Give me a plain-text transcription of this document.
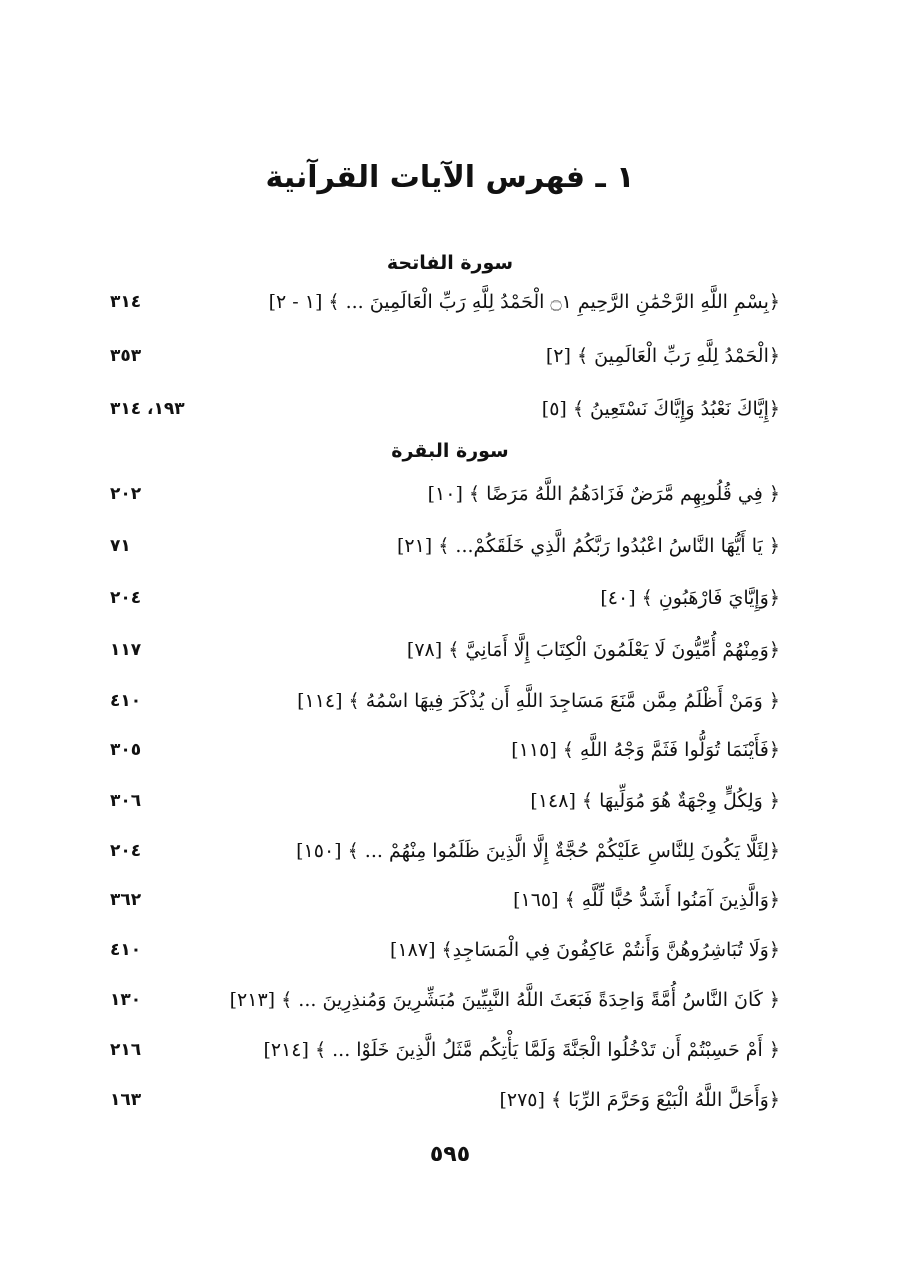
١ ـ فهرس الآيات القرآنية
سورة الفاتحة
﴿بِسْمِ اللَّهِ الرَّحْمَٰنِ الرَّحِيمِ ۝١ الْحَمْدُ لِلَّهِ رَبِّ الْعَالَمِينَ ... ﴾ [١ - ٢]
٣١٤
﴿الْحَمْدُ لِلَّهِ رَبِّ الْعَالَمِينَ ﴾ [٢]
٣٥٣
﴿إِيَّاكَ نَعْبُدُ وَإِيَّاكَ نَسْتَعِينُ ﴾ [٥]
١٩٣، ٣١٤
سورة البقرة
﴿ فِي قُلُوبِهِم مَّرَضٌ فَزَادَهُمُ اللَّهُ مَرَضًا ﴾ [١٠]
٢٠٢
﴿ يَا أَيُّهَا النَّاسُ اعْبُدُوا رَبَّكُمُ الَّذِي خَلَقَكُمْ... ﴾ [٢١]
٧١
﴿وَإِيَّايَ فَارْهَبُونِ ﴾ [٤٠]
٢٠٤
﴿وَمِنْهُمْ أُمِّيُّونَ لَا يَعْلَمُونَ الْكِتَابَ إِلَّا أَمَانِيَّ ﴾ [٧٨]
١١٧
﴿ وَمَنْ أَظْلَمُ مِمَّن مَّنَعَ مَسَاجِدَ اللَّهِ أَن يُذْكَرَ فِيهَا اسْمُهُ ﴾ [١١٤]
٤١٠
﴿فَأَيْنَمَا تُوَلُّوا فَثَمَّ وَجْهُ اللَّهِ ﴾ [١١٥]
٣٠٥
﴿ وَلِكُلٍّ وِجْهَةٌ هُوَ مُوَلِّيهَا ﴾ [١٤٨]
٣٠٦
﴿لِئَلَّا يَكُونَ لِلنَّاسِ عَلَيْكُمْ حُجَّةٌ إِلَّا الَّذِينَ ظَلَمُوا مِنْهُمْ ... ﴾ [١٥٠]
٢٠٤
﴿وَالَّذِينَ آمَنُوا أَشَدُّ حُبًّا لِّلَّهِ ﴾ [١٦٥]
٣٦٢
﴿وَلَا تُبَاشِرُوهُنَّ وَأَنتُمْ عَاكِفُونَ فِي الْمَسَاجِدِ﴾ [١٨٧]
٤١٠
﴿ كَانَ النَّاسُ أُمَّةً وَاحِدَةً فَبَعَثَ اللَّهُ النَّبِيِّينَ مُبَشِّرِينَ وَمُنذِرِينَ ... ﴾ [٢١٣]
١٣٠
﴿ أَمْ حَسِبْتُمْ أَن تَدْخُلُوا الْجَنَّةَ وَلَمَّا يَأْتِكُم مَّثَلُ الَّذِينَ خَلَوْا ... ﴾ [٢١٤]
٢١٦
﴿وَأَحَلَّ اللَّهُ الْبَيْعَ وَحَرَّمَ الرِّبَا ﴾ [٢٧٥]
١٦٣
٥٩٥
